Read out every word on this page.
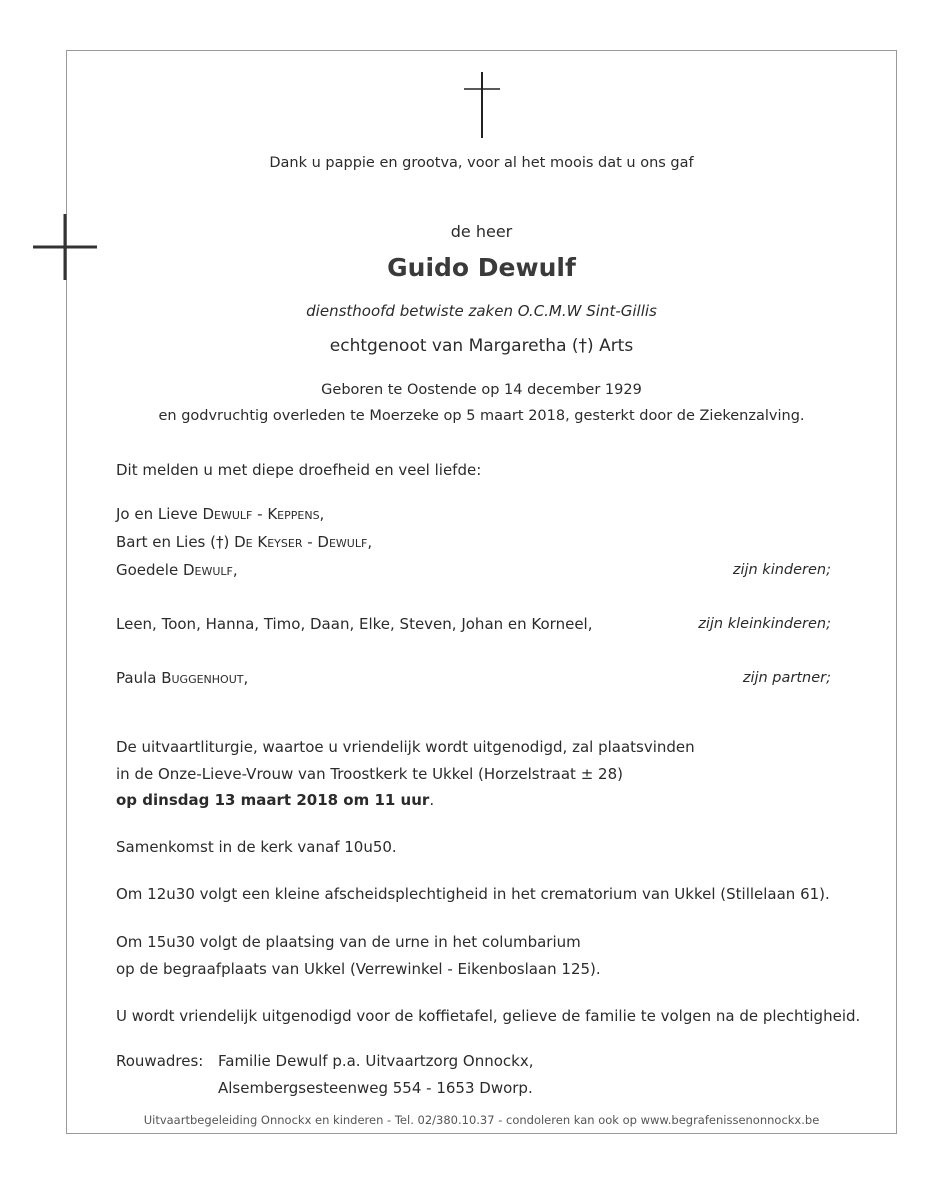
Dank u pappie en grootva, voor al het moois dat u ons gaf
de heer
Guido Dewulf
diensthoofd betwiste zaken O.C.M.W Sint-Gillis
echtgenoot van Margaretha (†) Arts
Geboren te Oostende op 14 december 1929
en godvruchtig overleden te Moerzeke op 5 maart 2018, gesterkt door de Ziekenzalving.
Dit melden u met diepe droefheid en veel liefde:
Jo en Lieve Dewulf - Keppens,
Bart en Lies (†) De Keyser - Dewulf,
Goedele Dewulf,	zijn kinderen;
Leen, Toon, Hanna, Timo, Daan, Elke, Steven, Johan en Korneel,	zijn kleinkinderen;
Paula Buggenhout,	zijn partner;
De uitvaartliturgie, waartoe u vriendelijk wordt uitgenodigd, zal plaatsvinden
in de Onze-Lieve-Vrouw van Troostkerk te Ukkel (Horzelstraat ± 28)
op dinsdag 13 maart 2018 om 11 uur.
Samenkomst in de kerk vanaf 10u50.
Om 12u30 volgt een kleine afscheidsplechtigheid in het crematorium van Ukkel (Stillelaan 61).
Om 15u30 volgt de plaatsing van de urne in het columbarium
op de begraafplaats van Ukkel (Verrewinkel - Eikenboslaan 125).
U wordt vriendelijk uitgenodigd voor de koffietafel, gelieve de familie te volgen na de plechtigheid.
Rouwadres: Familie Dewulf p.a. Uitvaartzorg Onnockx,
Alsembergsesteenweg 554 - 1653 Dworp.
Uitvaartbegeleiding Onnockx en kinderen - Tel. 02/380.10.37 - condoleren kan ook op www.begrafenissenonnockx.be
